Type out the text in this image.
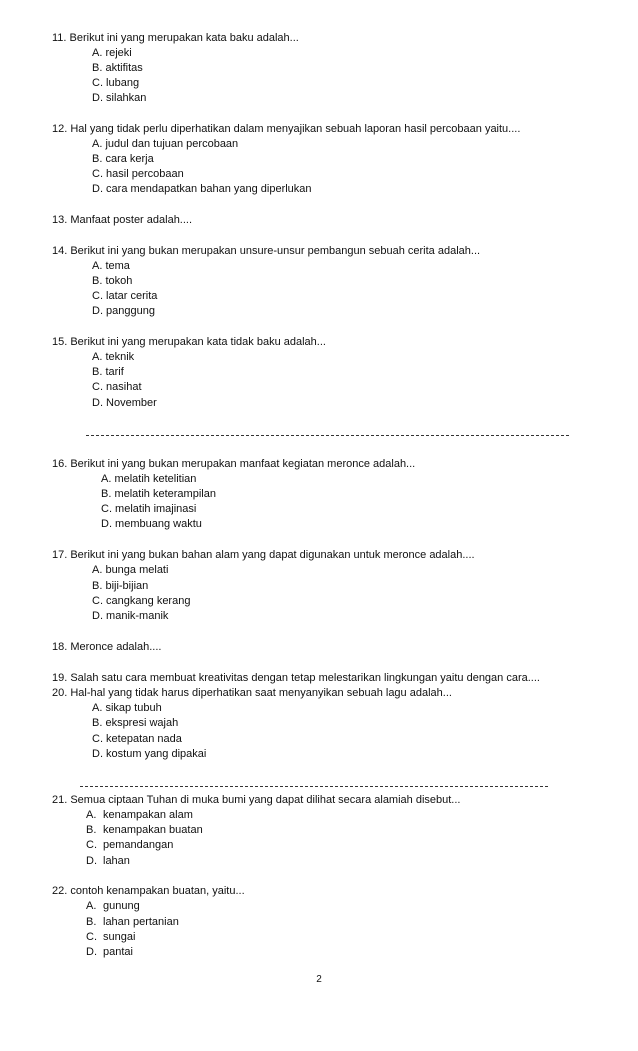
11. Berikut ini yang merupakan kata baku adalah...
A. rejeki
B. aktifitas
C. lubang
D. silahkan
12. Hal yang tidak perlu diperhatikan dalam menyajikan sebuah laporan hasil percobaan yaitu....
A. judul dan tujuan percobaan
B. cara kerja
C. hasil percobaan
D. cara mendapatkan bahan yang diperlukan
13. Manfaat poster adalah....
14. Berikut ini yang bukan merupakan unsure-unsur pembangun sebuah cerita adalah...
A. tema
B. tokoh
C. latar cerita
D. panggung
15. Berikut ini yang merupakan kata tidak baku adalah...
A. teknik
B. tarif
C. nasihat
D. November
16. Berikut ini yang bukan merupakan manfaat kegiatan meronce adalah...
A. melatih ketelitian
B. melatih keterampilan
C. melatih imajinasi
D. membuang waktu
17. Berikut ini yang bukan bahan alam yang dapat digunakan untuk meronce adalah....
A. bunga melati
B. biji-bijian
C. cangkang kerang
D. manik-manik
18. Meronce adalah....
19. Salah satu cara membuat kreativitas dengan tetap melestarikan lingkungan yaitu dengan cara....
20. Hal-hal yang tidak harus diperhatikan saat menyanyikan sebuah lagu adalah...
A. sikap tubuh
B. ekspresi wajah
C. ketepatan nada
D. kostum yang dipakai
21. Semua ciptaan Tuhan di muka bumi yang dapat dilihat secara alamiah disebut...
A. kenampakan alam
B. kenampakan buatan
C. pemandangan
D. lahan
22. contoh kenampakan buatan, yaitu...
A. gunung
B. lahan pertanian
C. sungai
D. pantai
2
